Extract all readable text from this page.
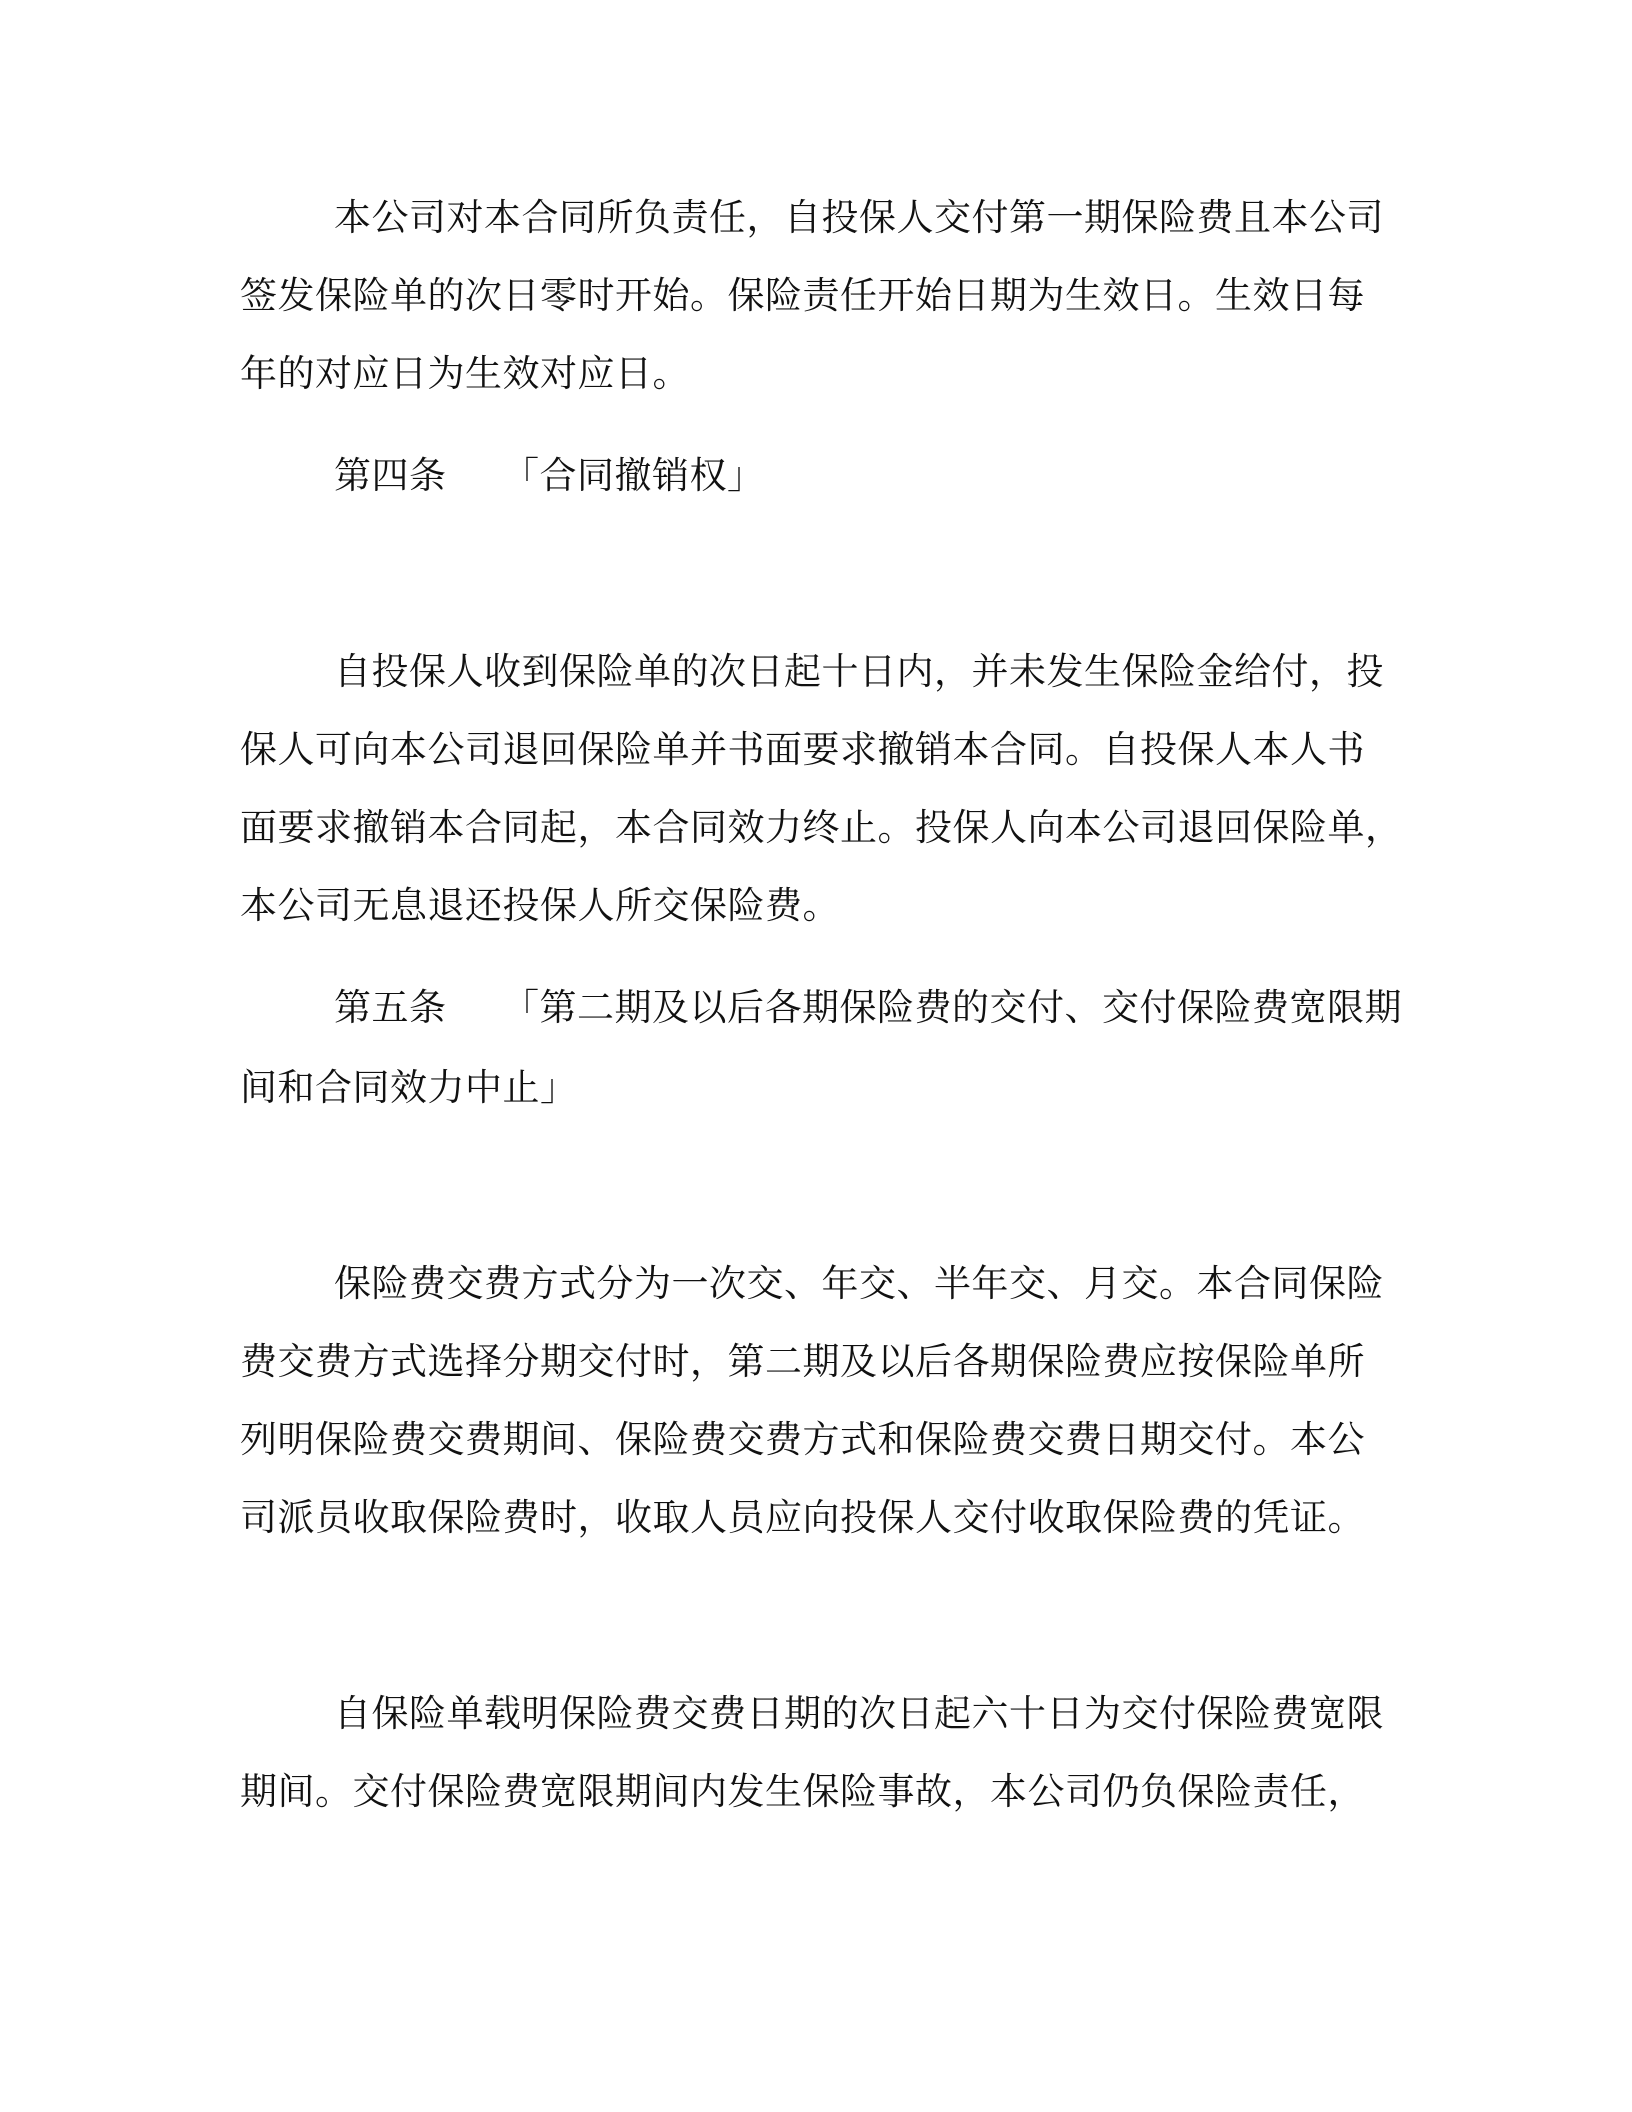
本公司对本合同所负责任，自投保人交付第一期保险费且本公司
签发保险单的次日零时开始。保险责任开始日期为生效日。生效日每
年的对应日为生效对应日。
第四条 「合同撤销权」
自投保人收到保险单的次日起十日内，并未发生保险金给付，投
保人可向本公司退回保险单并书面要求撤销本合同。自投保人本人书
面要求撤销本合同起，本合同效力终止。投保人向本公司退回保险单，
本公司无息退还投保人所交保险费。
第五条 「第二期及以后各期保险费的交付、交付保险费宽限期
间和合同效力中止」
保险费交费方式分为一次交、年交、半年交、月交。本合同保险
费交费方式选择分期交付时，第二期及以后各期保险费应按保险单所
列明保险费交费期间、保险费交费方式和保险费交费日期交付。本公
司派员收取保险费时，收取人员应向投保人交付收取保险费的凭证。
自保险单载明保险费交费日期的次日起六十日为交付保险费宽限
期间。交付保险费宽限期间内发生保险事故，本公司仍负保险责任，
